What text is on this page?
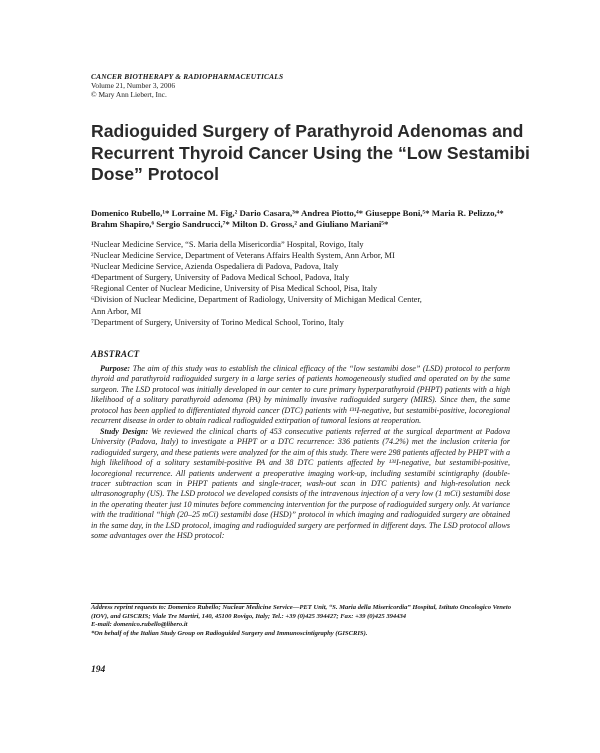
CANCER BIOTHERAPY & RADIOPHARMACEUTICALS
Volume 21, Number 3, 2006
© Mary Ann Liebert, Inc.
Radioguided Surgery of Parathyroid Adenomas and Recurrent Thyroid Cancer Using the “Low Sestamibi Dose” Protocol
Domenico Rubello,¹* Lorraine M. Fig,² Dario Casara,³* Andrea Piotto,⁴* Giuseppe Boni,⁵* Maria R. Pelizzo,⁴* Brahm Shapiro,⁶ Sergio Sandrucci,⁷* Milton D. Gross,² and Giuliano Mariani⁵*
¹Nuclear Medicine Service, “S. Maria della Misericordia” Hospital, Rovigo, Italy
²Nuclear Medicine Service, Department of Veterans Affairs Health System, Ann Arbor, MI
³Nuclear Medicine Service, Azienda Ospedaliera di Padova, Padova, Italy
⁴Department of Surgery, University of Padova Medical School, Padova, Italy
⁵Regional Center of Nuclear Medicine, University of Pisa Medical School, Pisa, Italy
⁶Division of Nuclear Medicine, Department of Radiology, University of Michigan Medical Center,
Ann Arbor, MI
⁷Department of Surgery, University of Torino Medical School, Torino, Italy
ABSTRACT

Purpose: The aim of this study was to establish the clinical efficacy of the “low sestamibi dose” (LSD) protocol to perform thyroid and parathyroid radioguided surgery in a large series of patients homogeneously studied and operated on by the same surgeon. The LSD protocol was initially developed in our center to cure primary hyperparathyroid (PHPT) patients with a high likelihood of a solitary parathyroid adenoma (PA) by minimally invasive radioguided surgery (MIRS). Since then, the same protocol has been applied to differentiated thyroid cancer (DTC) patients with ¹³¹I-negative, but sestamibi-positive, locoregional recurrent disease in order to obtain radical radioguided extirpation of tumoral lesions at reoperation.

Study Design: We reviewed the clinical charts of 453 consecutive patients referred at the surgical department at Padova University (Padova, Italy) to investigate a PHPT or a DTC recurrence: 336 patients (74.2%) met the inclusion criteria for radioguided surgery, and these patients were analyzed for the aim of this study. There were 298 patients affected by PHPT with a high likelihood of a solitary sestamibi-positive PA and 38 DTC patients affected by ¹³¹I-negative, but sestamibi-positive, locoregional recurrence. All patients underwent a preoperative imaging work-up, including sestamibi scintigraphy (double-tracer subtraction scan in PHPT patients and single-tracer, wash-out scan in DTC patients) and high-resolution neck ultrasonography (US). The LSD protocol we developed consists of the intravenous injection of a very low (1 mCi) sestamibi dose in the operating theater just 10 minutes before commencing intervention for the purpose of radioguided surgery only. At variance with the traditional “high (20–25 mCi) sestamibi dose (HSD)” protocol in which imaging and radioguided surgery are obtained in the same day, in the LSD protocol, imaging and radioguided surgery are performed in different days. The LSD protocol allows some advantages over the HSD protocol:

Address reprint requests to: Domenico Rubello; Nuclear Medicine Service—PET Unit, “S. Maria della Misericordia” Hospital, Istituto Oncologico Veneto (IOV), and GISCRIS; Viale Tre Martiri, 140, 45100 Rovigo, Italy; Tel.: +39 (0)425 394427; Fax: +39 (0)425 394434

E-mail: domenico.rubello@libero.it

*On behalf of the Italian Study Group on Radioguided Surgery and Immunoscintigraphy (GISCRIS).

194
